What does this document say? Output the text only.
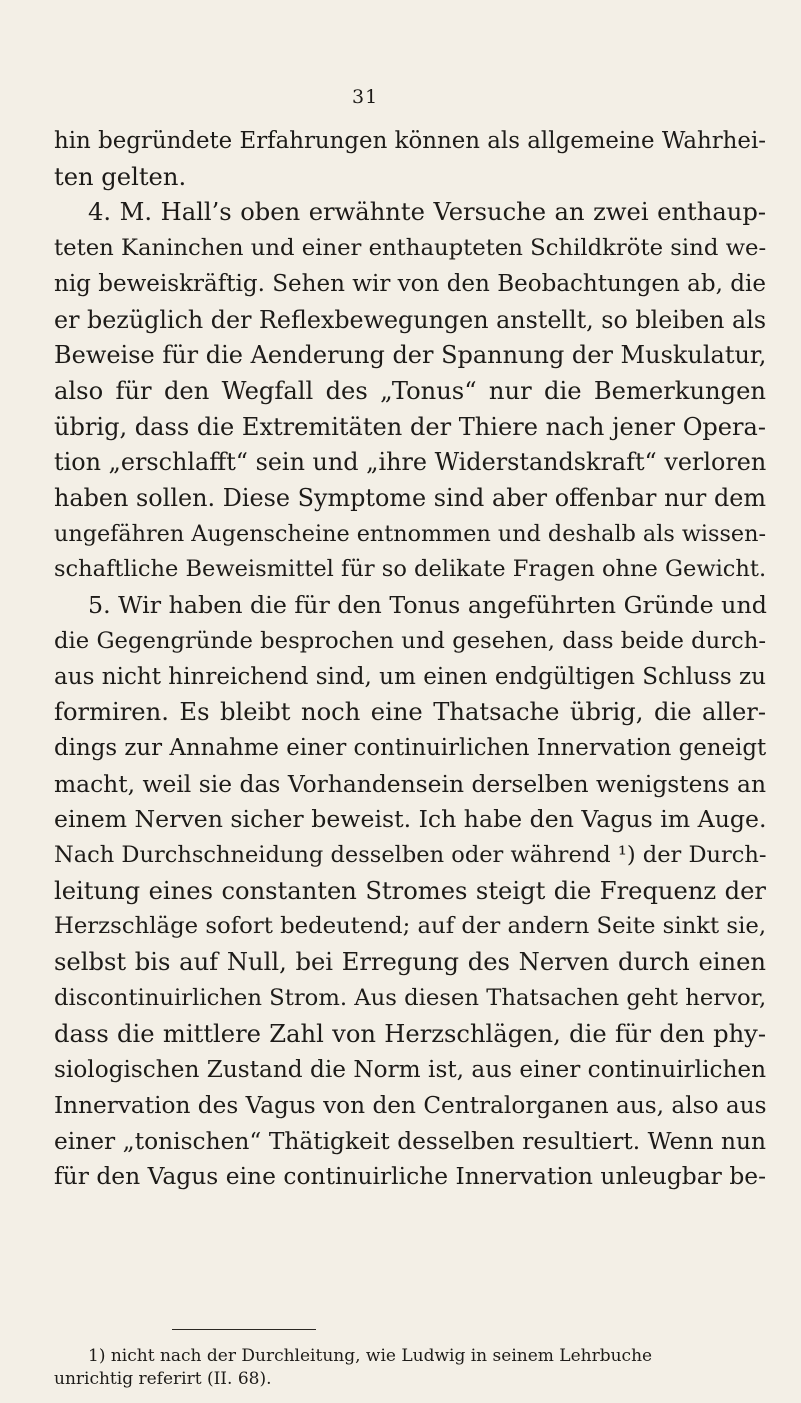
31
hin begründete Erfahrungen können als allgemeine Wahrhei-
ten gelten.
4. M. Hall’s oben erwähnte Versuche an zwei enthaup-
teten Kaninchen und einer enthaupteten Schildkröte sind we-
nig beweiskräftig. Sehen wir von den Beobachtungen ab, die
er bezüglich der Reflexbewegungen anstellt, so bleiben als
Beweise für die Aenderung der Spannung der Muskulatur,
also für den Wegfall des „Tonus“ nur die Bemerkungen
übrig, dass die Extremitäten der Thiere nach jener Opera-
tion „erschlafft“ sein und „ihre Widerstandskraft“ verloren
haben sollen. Diese Symptome sind aber offenbar nur dem
ungefähren Augenscheine entnommen und deshalb als wissen-
schaftliche Beweismittel für so delikate Fragen ohne Gewicht.
5. Wir haben die für den Tonus angeführten Gründe und
die Gegengründe besprochen und gesehen, dass beide durch-
aus nicht hinreichend sind, um einen endgültigen Schluss zu
formiren. Es bleibt noch eine Thatsache übrig, die aller-
dings zur Annahme einer continuirlichen Innervation geneigt
macht, weil sie das Vorhandensein derselben wenigstens an
einem Nerven sicher beweist. Ich habe den Vagus im Auge.
Nach Durchschneidung desselben oder während ¹) der Durch-
leitung eines constanten Stromes steigt die Frequenz der
Herzschläge sofort bedeutend; auf der andern Seite sinkt sie,
selbst bis auf Null, bei Erregung des Nerven durch einen
discontinuirlichen Strom. Aus diesen Thatsachen geht hervor,
dass die mittlere Zahl von Herzschlägen, die für den phy-
siologischen Zustand die Norm ist, aus einer continuirlichen
Innervation des Vagus von den Centralorganen aus, also aus
einer „tonischen“ Thätigkeit desselben resultiert. Wenn nun
für den Vagus eine continuirliche Innervation unleugbar be-
1) nicht nach der Durchleitung, wie Ludwig in seinem Lehrbuche
unrichtig referirt (II. 68).
